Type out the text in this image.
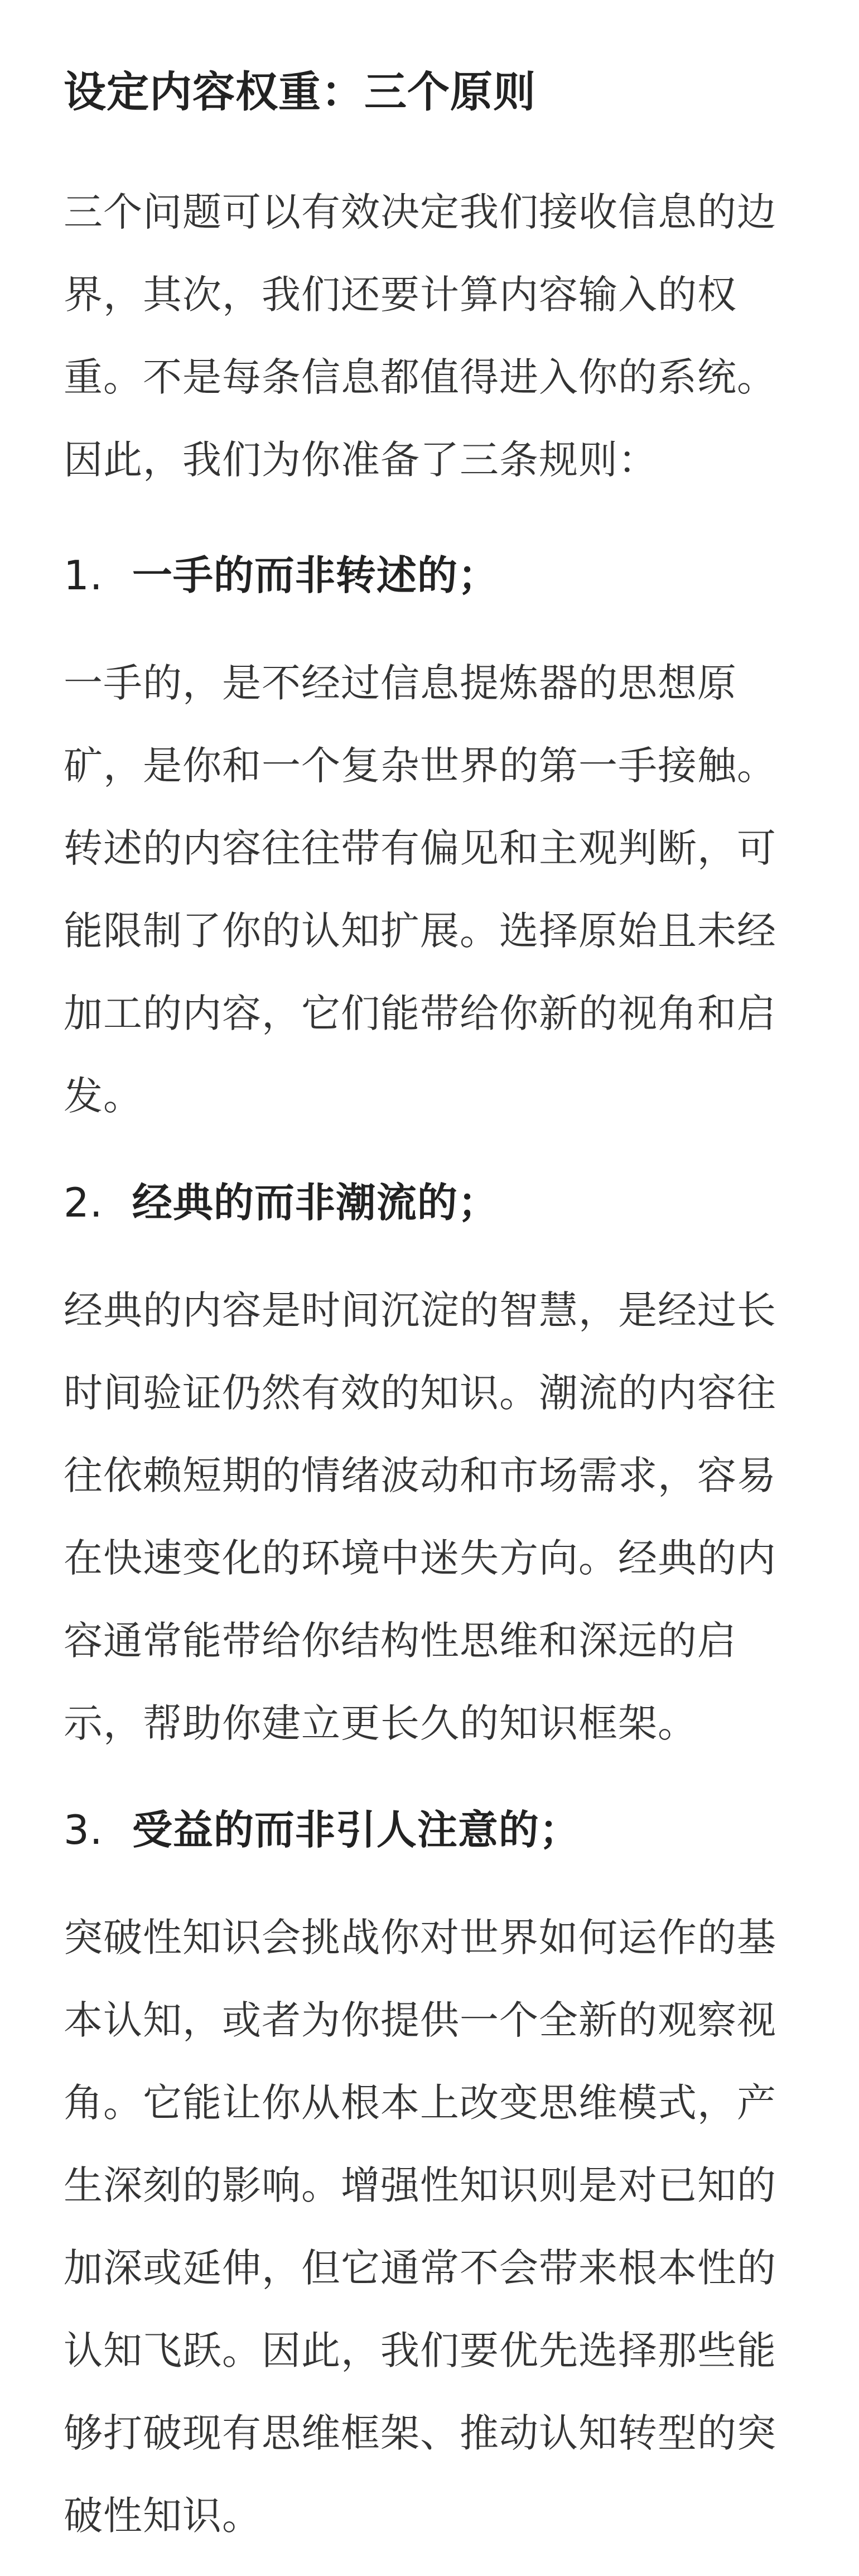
设定内容权重：三个原则

三个问题可以有效决定我们接收信息的边界，其次，我们还要计算内容输入的权重。不是每条信息都值得进入你的系统。因此，我们为你准备了三条规则：

1. 一手的而非转述的；

一手的，是不经过信息提炼器的思想原矿，是你和一个复杂世界的第一手接触。转述的内容往往带有偏见和主观判断，可能限制了你的认知扩展。选择原始且未经加工的内容，它们能带给你新的视角和启发。

2. 经典的而非潮流的；

经典的内容是时间沉淀的智慧，是经过长时间验证仍然有效的知识。潮流的内容往往依赖短期的情绪波动和市场需求，容易在快速变化的环境中迷失方向。经典的内容通常能带给你结构性思维和深远的启示，帮助你建立更长久的知识框架。

3. 受益的而非引人注意的；

突破性知识会挑战你对世界如何运作的基本认知，或者为你提供一个全新的观察视角。它能让你从根本上改变思维模式，产生深刻的影响。增强性知识则是对已知的加深或延伸，但它通常不会带来根本性的认知飞跃。因此，我们要优先选择那些能够打破现有思维框架、推动认知转型的突破性知识。
